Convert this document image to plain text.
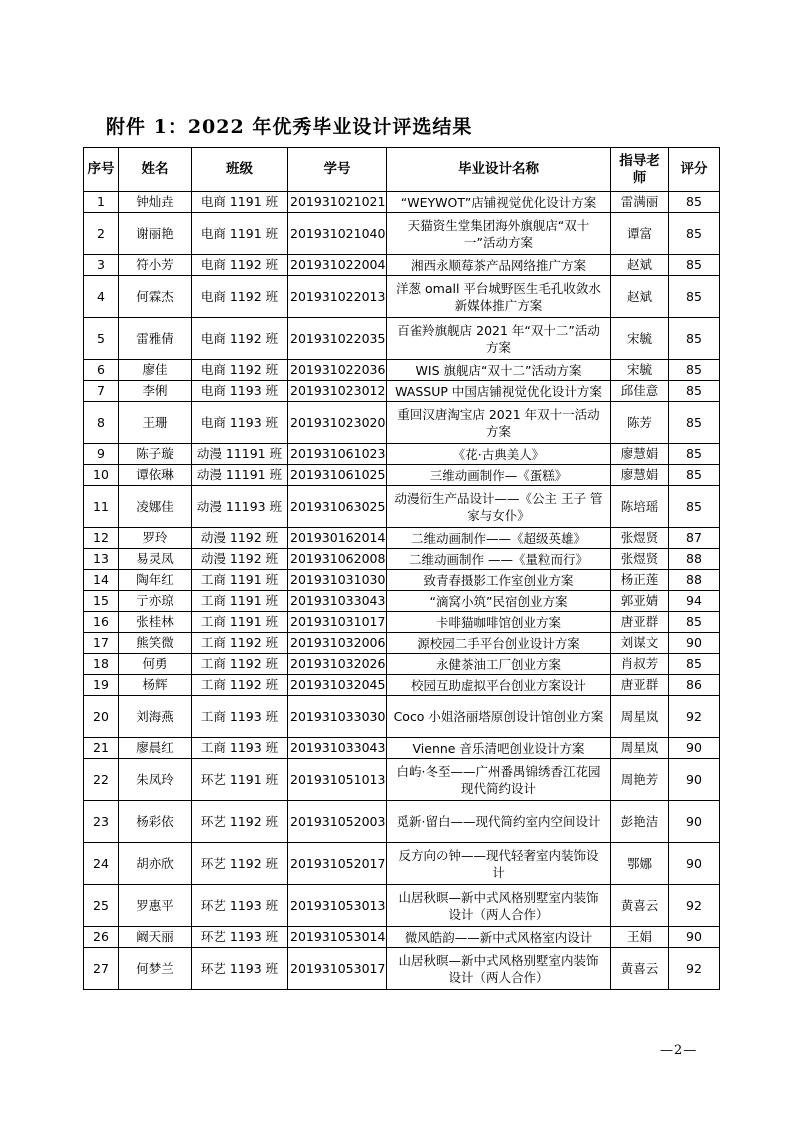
附件 1：2022 年优秀毕业设计评选结果
序号	姓名	班级	学号	毕业设计名称	指导老师	评分
1	钟灿垚	电商 1191 班	201931021021	“WEYWOT”店铺视觉优化设计方案	雷满丽	85
2	谢丽艳	电商 1191 班	201931021040	天猫资生堂集团海外旗舰店“双十一”活动方案	谭富	85
3	符小芳	电商 1192 班	201931022004	湘西永顺莓茶产品网络推广方案	赵斌	85
4	何霖杰	电商 1192 班	201931022013	洋葱 omall 平台城野医生毛孔收敛水新媒体推广方案	赵斌	85
5	雷雅倩	电商 1192 班	201931022035	百雀羚旗舰店 2021 年“双十二”活动方案	宋毓	85
6	廖佳	电商 1192 班	201931022036	WIS 旗舰店“双十二”活动方案	宋毓	85
7	李俐	电商 1193 班	201931023012	WASSUP 中国店铺视觉优化设计方案	邱佳意	85
8	王珊	电商 1193 班	201931023020	重回汉唐淘宝店 2021 年双十一活动方案	陈芳	85
9	陈子璇	动漫 11191 班	201931061023	《花·古典美人》	廖慧娟	85
10	谭依琳	动漫 11191 班	201931061025	三维动画制作—《蛋糕》	廖慧娟	85
11	凌娜佳	动漫 11193 班	201931063025	动漫衍生产品设计——《公主 王子 管家与女仆》	陈培瑶	85
12	罗玲	动漫 1192 班	201930162014	二维动画制作——《超级英雄》	张煜贤	87
13	易灵凤	动漫 1192 班	201931062008	二维动画制作 ——《量粒而行》	张煜贤	88
14	陶年红	工商 1191 班	201931031030	致青春摄影工作室创业方案	杨正莲	88
15	亍亦琼	工商 1191 班	201931033043	“滴窝小筑”民宿创业方案	郭亚婧	94
16	张桂林	工商 1191 班	201931031017	卡啡猫咖啡馆创业方案	唐亚群	85
17	熊笑微	工商 1192 班	201931032006	源校园二手平台创业设计方案	刘谋文	90
18	何勇	工商 1192 班	201931032026	永健茶油工厂创业方案	肖叔芳	85
19	杨辉	工商 1192 班	201931032045	校园互助虚拟平台创业方案设计	唐亚群	86
20	刘海燕	工商 1193 班	201931033030	Coco 小姐洛丽塔原创设计馆创业方案	周星岚	92
21	廖晨红	工商 1193 班	201931033043	Vienne 音乐清吧创业设计方案	周星岚	90
22	朱凤玲	环艺 1191 班	201931051013	白屿·冬至——广州番禺锦绣香江花园现代简约设计	周艳芳	90
23	杨彩依	环艺 1192 班	201931052003	觅新·留白——现代简约室内空间设计	彭艳洁	90
24	胡亦欣	环艺 1192 班	201931052017	反方向の钟——现代轻奢室内装饰设计	鄂娜	90
25	罗惠平	环艺 1193 班	201931053013	山居秋暝—新中式风格别墅室内装饰设计（两人合作）	黄喜云	92
26	阚天丽	环艺 1193 班	201931053014	微风皓韵——新中式风格室内设计	王娟	90
27	何梦兰	环艺 1193 班	201931053017	山居秋暝—新中式风格别墅室内装饰设计（两人合作）	黄喜云	92
—2—
